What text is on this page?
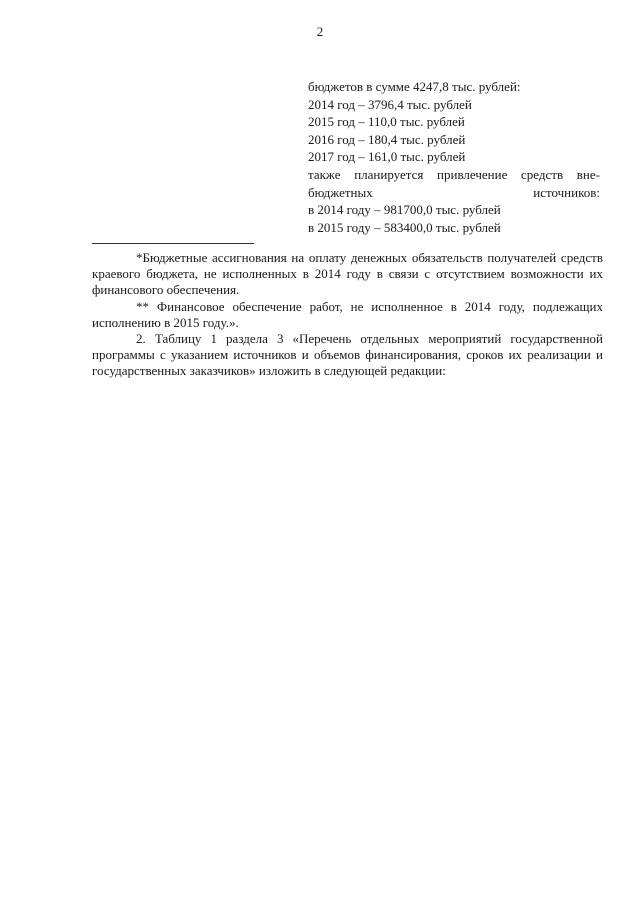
2
бюджетов в сумме 4247,8 тыс. рублей:
2014 год – 3796,4 тыс. рублей
2015 год – 110,0 тыс. рублей
2016 год – 180,4 тыс. рублей
2017 год – 161,0 тыс. рублей
также планируется привлечение средств вне-бюджетных источников:
в 2014 году – 981700,0 тыс. рублей
в 2015 году – 583400,0 тыс. рублей

*Бюджетные ассигнования на оплату денежных обязательств получателей средств краевого бюджета, не исполненных в 2014 году в связи с отсутствием возможности их финансового обеспечения.

** Финансовое обеспечение работ, не исполненное в 2014 году, подлежащих исполнению в 2015 году.».

2. Таблицу 1 раздела 3 «Перечень отдельных мероприятий государственной программы с указанием источников и объемов финансирования, сроков их реализации и государственных заказчиков» изложить в следующей редакции:
